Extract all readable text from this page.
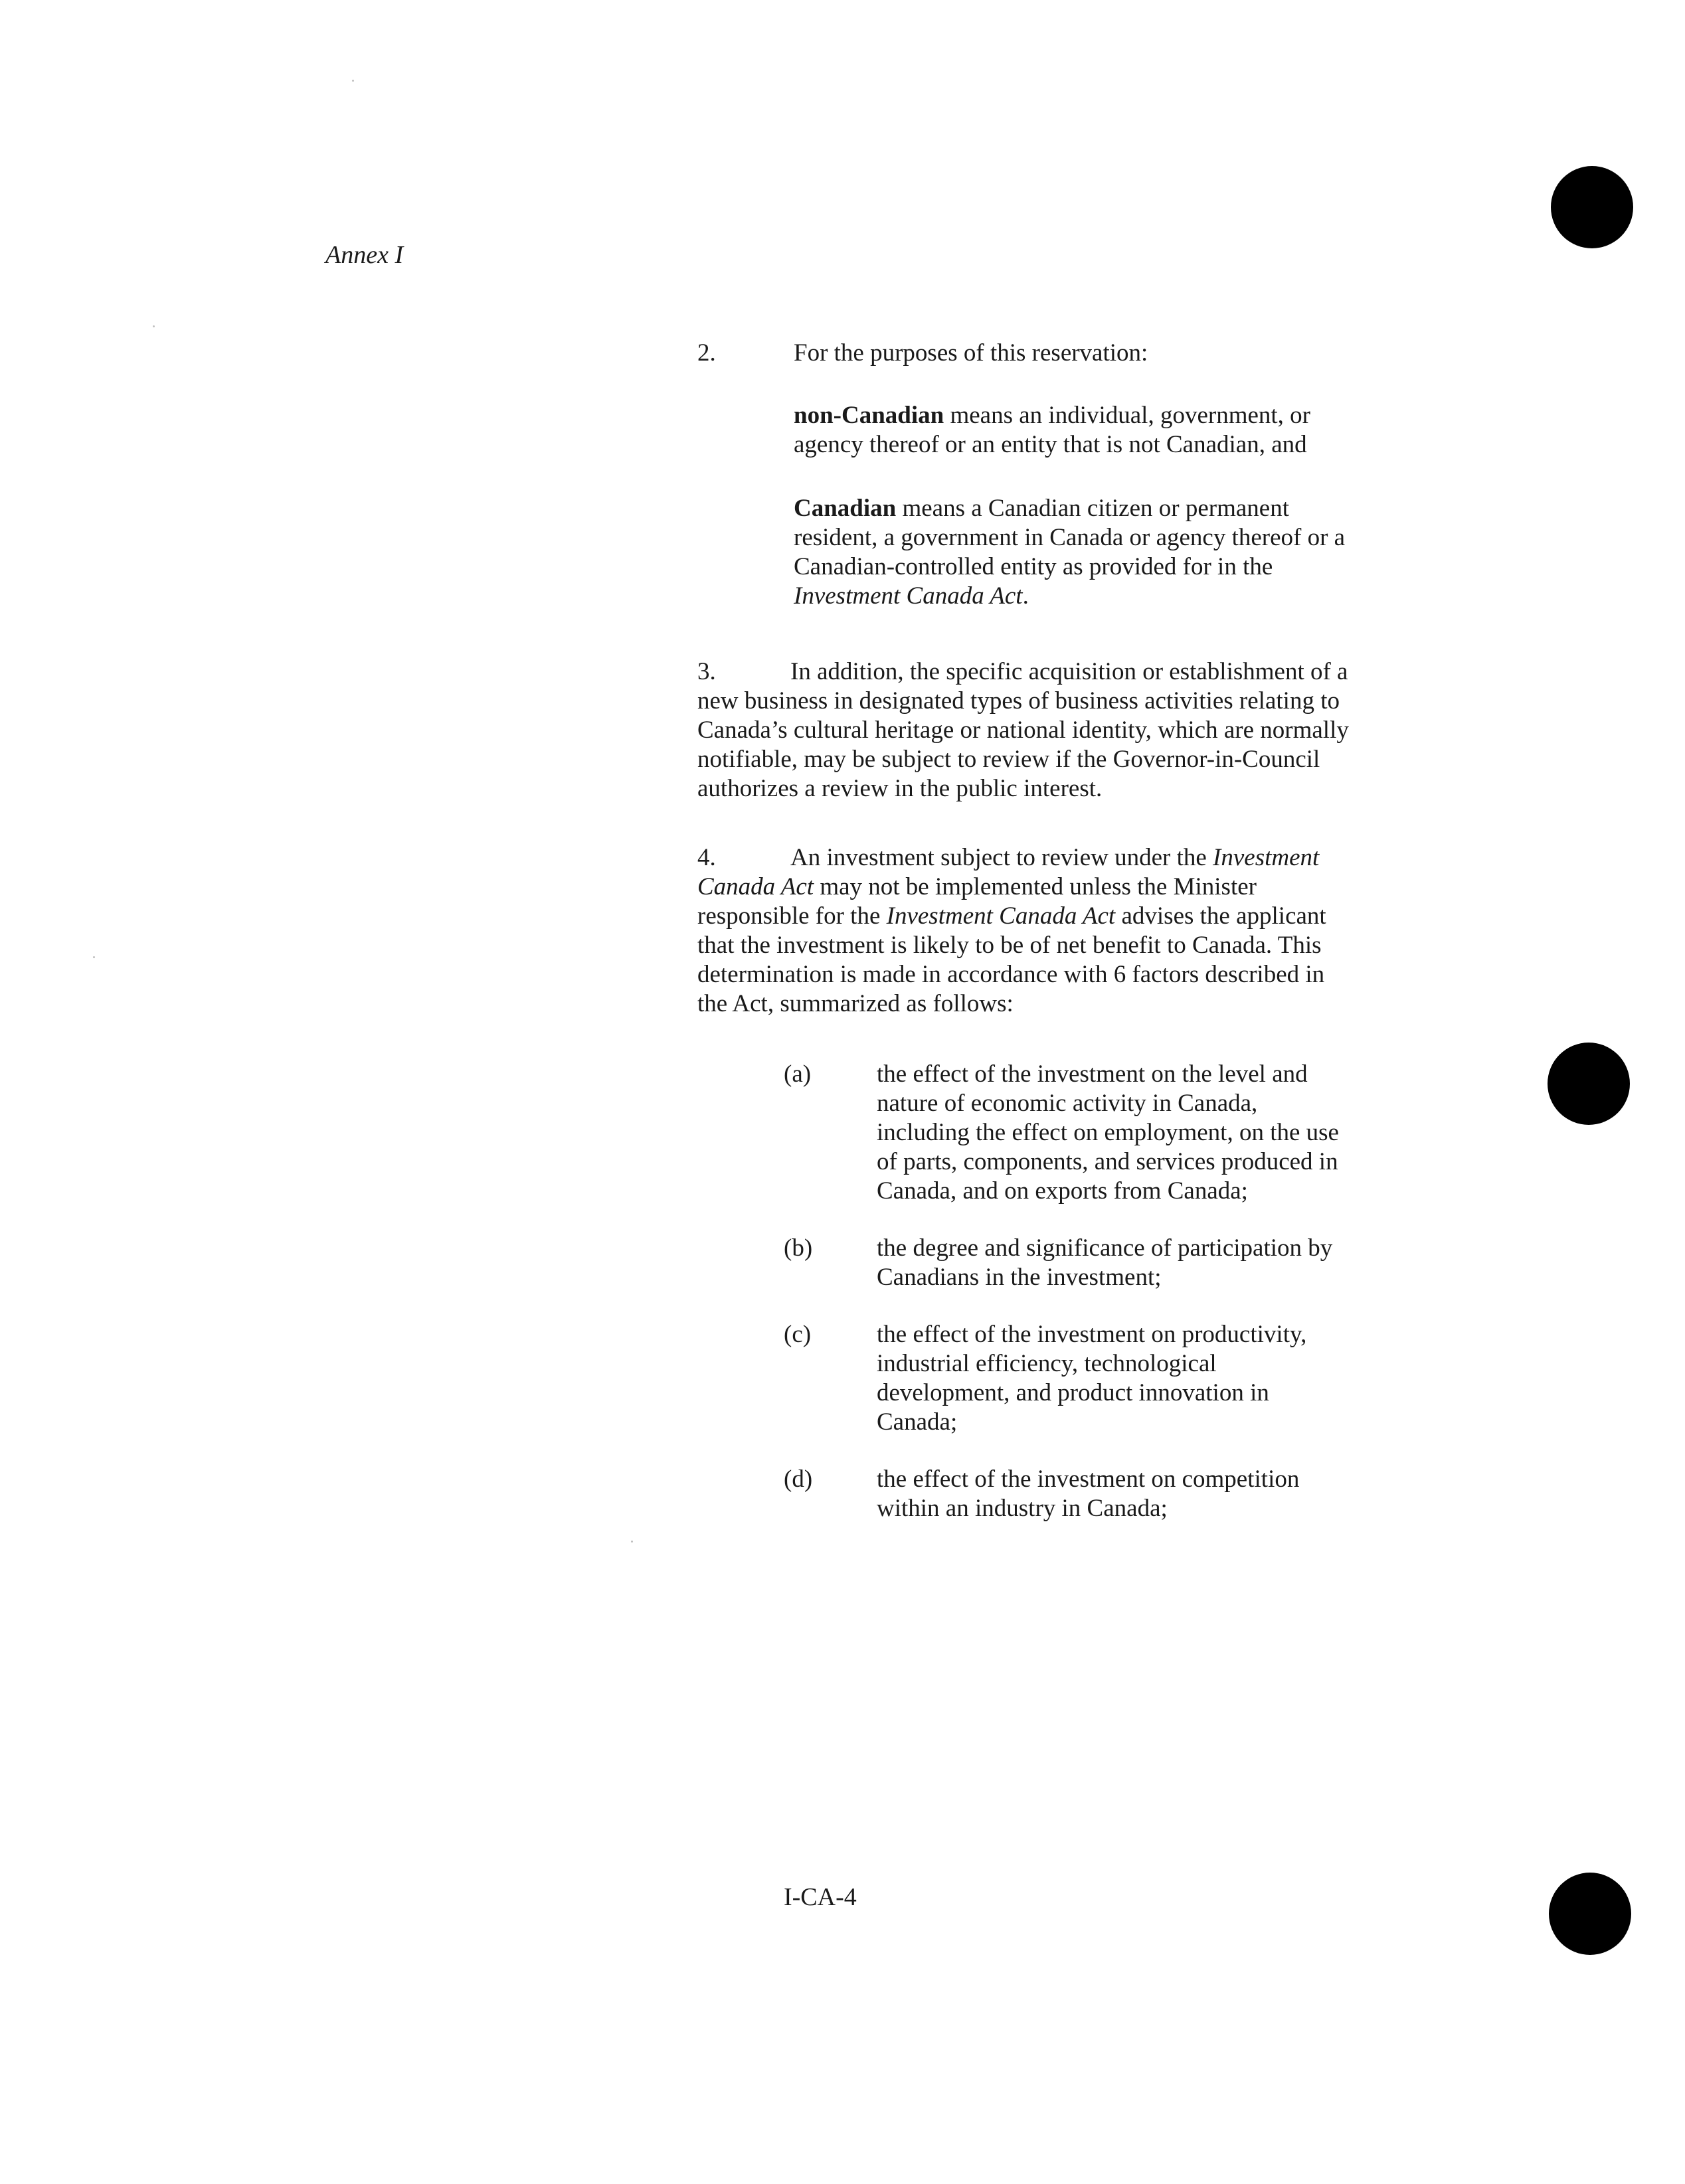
Annex I
2.	For the purposes of this reservation:
non-Canadian means an individual, government, or agency thereof or an entity that is not Canadian, and
Canadian means a Canadian citizen or permanent resident, a government in Canada or agency thereof or a Canadian-controlled entity as provided for in the Investment Canada Act.
3.	In addition, the specific acquisition or establishment of a new business in designated types of business activities relating to Canada’s cultural heritage or national identity, which are normally notifiable, may be subject to review if the Governor-in-Council authorizes a review in the public interest.
4.	An investment subject to review under the Investment Canada Act may not be implemented unless the Minister responsible for the Investment Canada Act advises the applicant that the investment is likely to be of net benefit to Canada. This determination is made in accordance with 6 factors described in the Act, summarized as follows:
(a)	the effect of the investment on the level and nature of economic activity in Canada, including the effect on employment, on the use of parts, components, and services produced in Canada, and on exports from Canada;
(b)	the degree and significance of participation by Canadians in the investment;
(c)	the effect of the investment on productivity, industrial efficiency, technological development, and product innovation in Canada;
(d)	the effect of the investment on competition within an industry in Canada;
I-CA-4
